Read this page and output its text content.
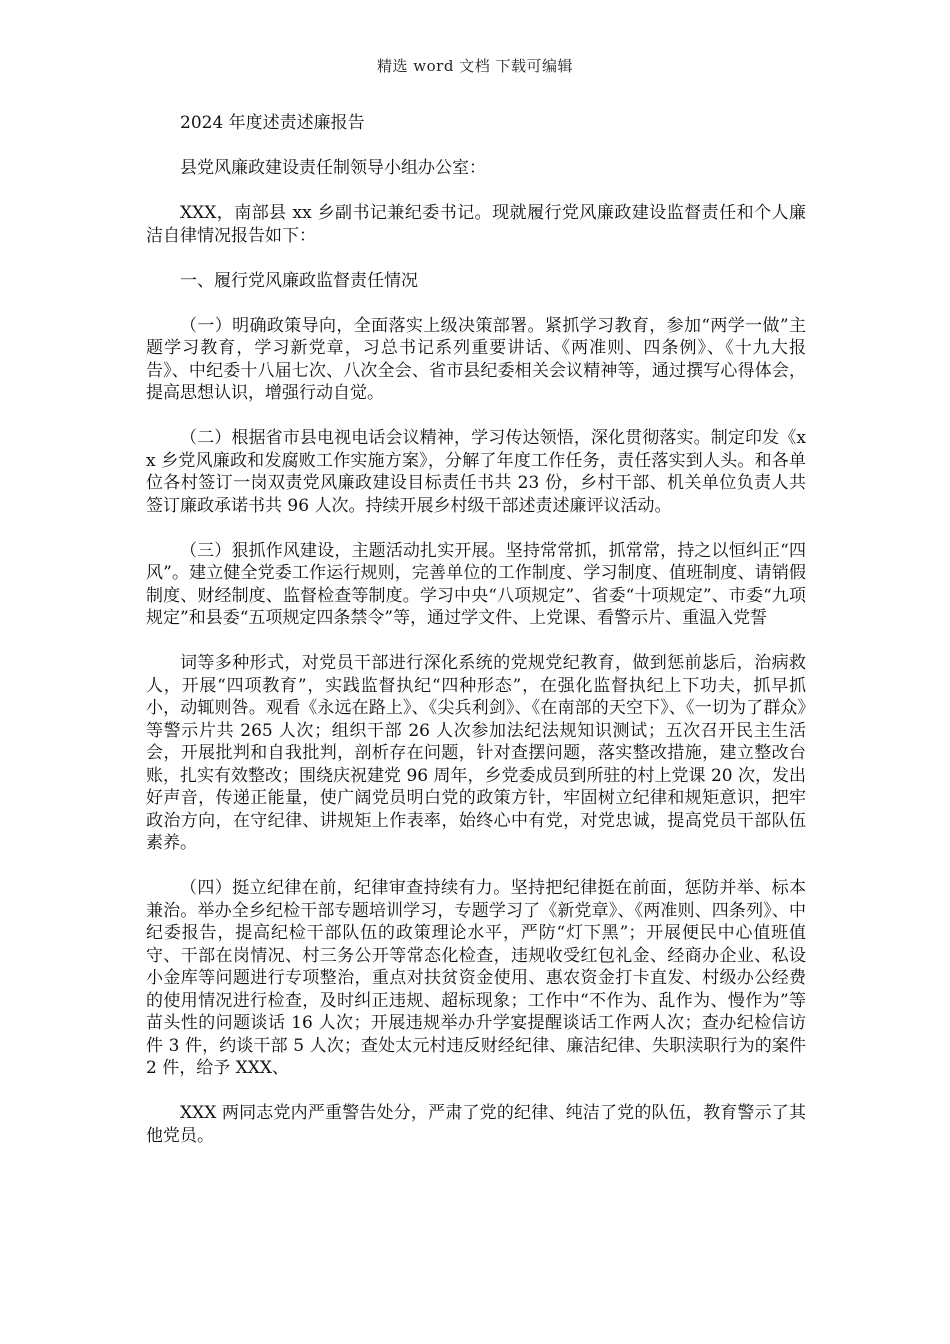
精选 word 文档 下载可编辑

2024 年度述责述廉报告

县党风廉政建设责任制领导小组办公室：

XXX，南部县 xx 乡副书记兼纪委书记。现就履行党风廉政建设监督责任和个人廉洁自律情况报告如下：

一、履行党风廉政监督责任情况

（一）明确政策导向，全面落实上级决策部署。紧抓学习教育，参加“两学一做”主题学习教育，学习新党章，习总书记系列重要讲话、《两准则、四条例》、《十九大报告》、中纪委十八届七次、八次全会、省市县纪委相关会议精神等，通过撰写心得体会，提高思想认识，增强行动自觉。

（二）根据省市县电视电话会议精神，学习传达领悟，深化贯彻落实。制定印发《xx 乡党风廉政和发腐败工作实施方案》，分解了年度工作任务，责任落实到人头。和各单位各村签订一岗双责党风廉政建设目标责任书共 23 份，乡村干部、机关单位负责人共签订廉政承诺书共 96 人次。持续开展乡村级干部述责述廉评议活动。

（三）狠抓作风建设，主题活动扎实开展。坚持常常抓，抓常常，持之以恒纠正“四风”。建立健全党委工作运行规则，完善单位的工作制度、学习制度、值班制度、请销假制度、财经制度、监督检查等制度。学习中央“八项规定”、省委“十项规定”、市委“九项规定”和县委“五项规定四条禁令”等，通过学文件、上党课、看警示片、重温入党誓

词等多种形式，对党员干部进行深化系统的党规党纪教育，做到惩前毖后，治病救人，开展“四项教育”，实践监督执纪“四种形态”，在强化监督执纪上下功夫，抓早抓小，动辄则咎。观看《永远在路上》、《尖兵利剑》、《在南部的天空下》、《一切为了群众》等警示片共 265 人次；组织干部 26 人次参加法纪法规知识测试；五次召开民主生活会，开展批判和自我批判，剖析存在问题，针对查摆问题，落实整改措施，建立整改台账，扎实有效整改；围绕庆祝建党 96 周年，乡党委成员到所驻的村上党课 20 次，发出好声音，传递正能量，使广阔党员明白党的政策方针，牢固树立纪律和规矩意识，把牢政治方向，在守纪律、讲规矩上作表率，始终心中有党，对党忠诚，提高党员干部队伍素养。

（四）挺立纪律在前，纪律审查持续有力。坚持把纪律挺在前面，惩防并举、标本兼治。举办全乡纪检干部专题培训学习，专题学习了《新党章》、《两准则、四条列》、中纪委报告，提高纪检干部队伍的政策理论水平，严防“灯下黑”；开展便民中心值班值守、干部在岗情况、村三务公开等常态化检查，违规收受红包礼金、经商办企业、私设小金库等问题进行专项整治，重点对扶贫资金使用、惠农资金打卡直发、村级办公经费的使用情况进行检查，及时纠正违规、超标现象；工作中“不作为、乱作为、慢作为”等苗头性的问题谈话 16 人次；开展违规举办升学宴提醒谈话工作两人次；查办纪检信访件 3 件，约谈干部 5 人次；查处太元村违反财经纪律、廉洁纪律、失职渎职行为的案件 2 件，给予 XXX、

XXX 两同志党内严重警告处分，严肃了党的纪律、纯洁了党的队伍，教育警示了其他党员。
